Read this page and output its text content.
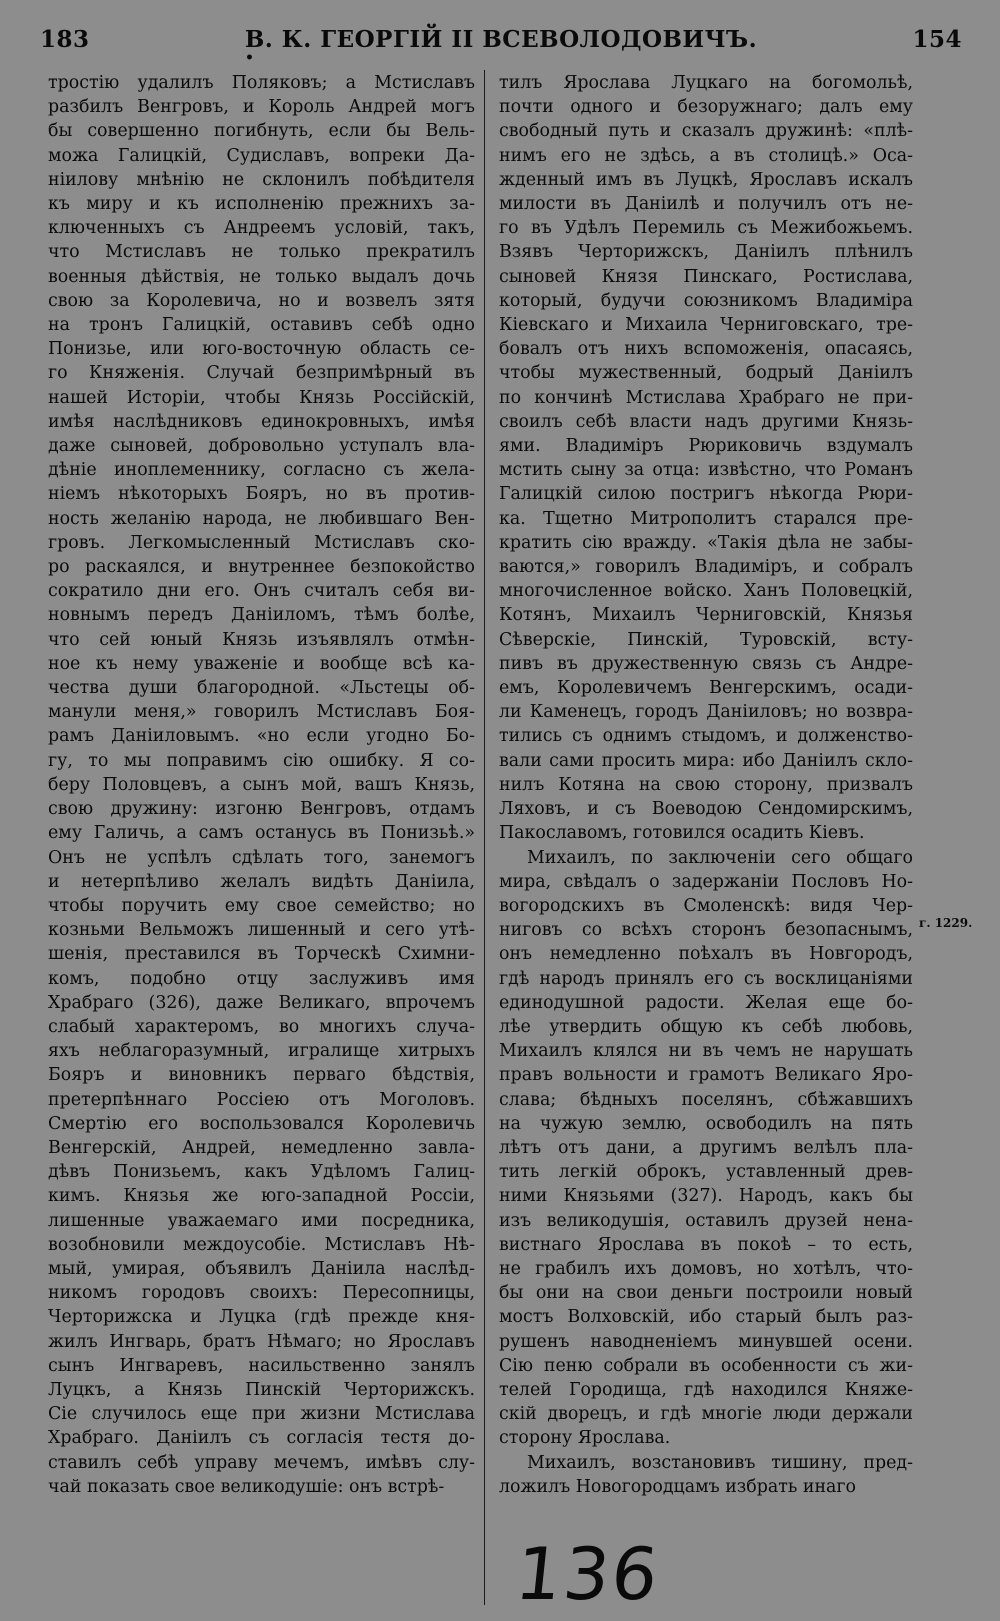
183
•
В. К. ГЕОРГІЙ II ВСЕВОЛОДОВИЧЪ.	154
тростію удалилъ Поляковъ; а Мстиславъ
разбилъ Венгровъ, и Король Андрей могъ
бы совершенно погибнуть, если бы Вель-
можа Галицкій, Судиславъ, вопреки Да-
ніилову мнѣнію не склонилъ побѣдителя
къ миру и къ исполненію прежнихъ за-
ключенныхъ съ Андреемъ условій, такъ,
что Мстиславъ не только прекратилъ
военныя дѣйствія, не только выдалъ дочь
свою за Королевича, но и возвелъ зятя
на тронъ Галицкій, оставивъ себѣ одно
Понизье, или юго-восточную область се-
го Княженія. Случай безпримѣрный въ
нашей Исторіи, чтобы Князь Россійскій,
имѣя наслѣдниковъ единокровныхъ, имѣя
даже сыновей, добровольно уступалъ вла-
дѣніе иноплеменнику, согласно съ жела-
ніемъ нѣкоторыхъ Бояръ, но въ против-
ность желанію народа, не любившаго Вен-
гровъ. Легкомысленный Мстиславъ ско-
ро раскаялся, и внутреннее безпокойство
сократило дни его. Онъ считалъ себя ви-
новнымъ передъ Даніиломъ, тѣмъ болѣе,
что сей юный Князь изъявлялъ отмѣн-
ное къ нему уваженіе и вообще всѣ ка-
чества души благородной. «Льстецы об-
манули меня,» говорилъ Мстиславъ Боя-
рамъ Даніиловымъ. «но если угодно Бо-
гу, то мы поправимъ сію ошибку. Я со-
беру Половцевъ, а сынъ мой, вашъ Князь,
свою дружину: изгоню Венгровъ, отдамъ
ему Галичь, а самъ останусь въ Понизьѣ.»
Онъ не успѣлъ сдѣлать того, занемогъ
и нетерпѣливо желалъ видѣть Даніила,
чтобы поручить ему свое семейство; но
козньми Вельможъ лишенный и сего утѣ-
шенія, преставился въ Торческѣ Схимни-
комъ, подобно отцу заслуживъ имя
Храбраго (326), даже Великаго, впрочемъ
слабый характеромъ, во многихъ случа-
яхъ неблагоразумный, игралище хитрыхъ
Бояръ и виновникъ перваго бѣдствія,
претерпѣннаго Россіею отъ Моголовъ.
Смертію его воспользовался Королевичь
Венгерскій, Андрей, немедленно завла-
дѣвъ Понизьемъ, какъ Удѣломъ Галиц-
кимъ. Князья же юго-западной Россіи,
лишенные уважаемаго ими посредника,
возобновили междоусобіе. Мстиславъ Нѣ-
мый, умирая, объявилъ Даніила наслѣд-
никомъ городовъ своихъ: Пересопницы,
Черторижска и Луцка (гдѣ прежде кня-
жилъ Ингварь, братъ Нѣмаго; но Ярославъ
сынъ Ингваревъ, насильственно занялъ
Луцкъ, а Князь Пинскій Черторижскъ.
Сіе случилось еще при жизни Мстислава
Храбраго. Даніилъ съ согласія тестя до-
ставилъ себѣ управу мечемъ, имѣвъ слу-
чай показать свое великодушіе: онъ встрѣ-
тилъ Ярослава Луцкаго на богомольѣ,
почти одного и безоружнаго; далъ ему
свободный путь и сказалъ дружинѣ: «плѣ-
нимъ его не здѣсь, а въ столицѣ.» Оса-
жденный имъ въ Луцкѣ, Ярославъ искалъ
милости въ Даніилѣ и получилъ отъ не-
го въ Удѣлъ Перемиль съ Межибожьемъ.
Взявъ Черторижскъ, Даніилъ плѣнилъ
сыновей Князя Пинскаго, Ростислава,
который, будучи союзникомъ Владиміра
Кіевскаго и Михаила Черниговскаго, тре-
бовалъ отъ нихъ вспоможенія, опасаясь,
чтобы мужественный, бодрый Даніилъ
по кончинѣ Мстислава Храбраго не при-
своилъ себѣ власти надъ другими Князь-
ями. Владиміръ Рюриковичь вздумалъ
мстить сыну за отца: извѣстно, что Романъ
Галицкій силою постригъ нѣкогда Рюри-
ка. Тщетно Митрополитъ старался пре-
кратить сію вражду. «Такія дѣла не забы-
ваются,» говорилъ Владиміръ, и собралъ
многочисленное войско. Ханъ Половецкій,
Котянъ, Михаилъ Черниговскій, Князья
Сѣверскіе, Пинскій, Туровскій, всту-
пивъ въ дружественную связь съ Андре-
емъ, Королевичемъ Венгерскимъ, осади-
ли Каменецъ, городъ Даніиловъ; но возвра-
тились съ однимъ стыдомъ, и долженство-
вали сами просить мира: ибо Даніилъ скло-
нилъ Котяна на свою сторону, призвалъ
Ляховъ, и съ Воеводою Сендомирскимъ,
Пакославомъ, готовился осадить Кіевъ.
Михаилъ, по заключеніи сего общаго
мира, свѣдалъ о задержаніи Пословъ Но-
вогородскихъ въ Смоленскѣ: видя Чер-
ниговъ со всѣхъ сторонъ безопаснымъ,
онъ немедленно поѣхалъ въ Новгородъ,
гдѣ народъ принялъ его съ восклицаніями
единодушной радости. Желая еще бо-
лѣе утвердить общую къ себѣ любовь,
Михаилъ клялся ни въ чемъ не нарушать
правъ вольности и грамотъ Великаго Яро-
слава; бѣдныхъ поселянъ, сбѣжавшихъ
на чужую землю, освободилъ на пять
лѣтъ отъ дани, а другимъ велѣлъ пла-
тить легкій оброкъ, уставленный древ-
ними Князьями (327). Народъ, какъ бы
изъ великодушія, оставилъ друзей нена-
вистнаго Ярослава въ покоѣ – то есть,
не грабилъ ихъ домовъ, но хотѣлъ, что-
бы они на свои деньги построили новый
мостъ Волховскій, ибо старый былъ раз-
рушенъ наводненіемъ минувшей осени.
Сію пеню собрали въ особенности съ жи-
телей Городища, гдѣ находился Княже-
скій дворецъ, и гдѣ многіе люди держали
сторону Ярослава.
Михаилъ, возстановивъ тишину, пред-
ложилъ Новогородцамъ избрать инаго
г. 1229.
136
